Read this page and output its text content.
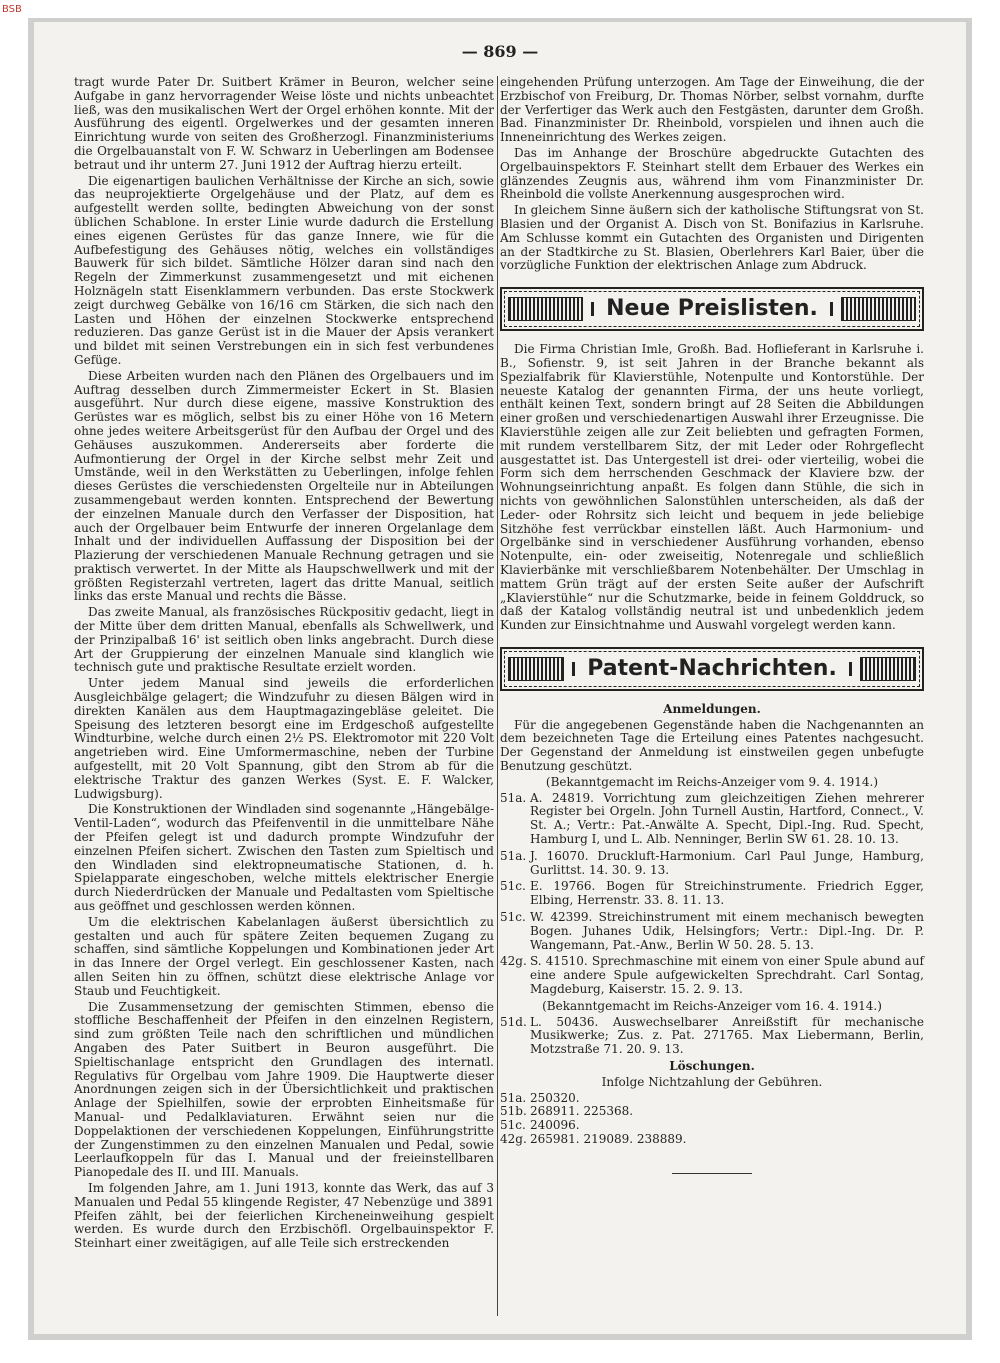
BSB
— 869 —

tragt wurde Pater Dr. Suitbert Krämer in Beuron, welcher seine Aufgabe in ganz hervorragender Weise löste und nichts unbeachtet ließ, was den musikalischen Wert der Orgel erhöhen konnte. Mit der Ausführung des eigentl. Orgelwerkes und der gesamten inneren Einrichtung wurde von seiten des Großherzogl. Finanzministeriums die Orgelbauanstalt von F. W. Schwarz in Ueberlingen am Bodensee betraut und ihr unterm 27. Juni 1912 der Auftrag hierzu erteilt.

Die eigenartigen baulichen Verhältnisse der Kirche an sich, sowie das neuprojektierte Orgelgehäuse und der Platz, auf dem es aufgestellt werden sollte, bedingten Abweichung von der sonst üblichen Schablone. In erster Linie wurde dadurch die Erstellung eines eigenen Gerüstes für das ganze Innere, wie für die Aufbefestigung des Gehäuses nötig, welches ein vollständiges Bauwerk für sich bildet. Sämtliche Hölzer daran sind nach den Regeln der Zimmerkunst zusammengesetzt und mit eichenen Holznägeln statt Eisenklammern verbunden. Das erste Stockwerk zeigt durchweg Gebälke von 16/16 cm Stärken, die sich nach den Lasten und Höhen der einzelnen Stockwerke entsprechend reduzieren. Das ganze Gerüst ist in die Mauer der Apsis verankert und bildet mit seinen Verstrebungen ein in sich fest verbundenes Gefüge.

Diese Arbeiten wurden nach den Plänen des Orgelbauers und im Auftrag desselben durch Zimmermeister Eckert in St. Blasien ausgeführt. Nur durch diese eigene, massive Konstruktion des Gerüstes war es möglich, selbst bis zu einer Höhe von 16 Metern ohne jedes weitere Arbeitsgerüst für den Aufbau der Orgel und des Gehäuses auszukommen. Andererseits aber forderte die Aufmontierung der Orgel in der Kirche selbst mehr Zeit und Umstände, weil in den Werkstätten zu Ueberlingen, infolge fehlen dieses Gerüstes die verschiedensten Orgelteile nur in Abteilungen zusammengebaut werden konnten. Entsprechend der Bewertung der einzelnen Manuale durch den Verfasser der Disposition, hat auch der Orgelbauer beim Entwurfe der inneren Orgelanlage dem Inhalt und der individuellen Auffassung der Disposition bei der Plazierung der verschiedenen Manuale Rechnung getragen und sie praktisch verwertet. In der Mitte als Haupschwellwerk und mit der größten Registerzahl vertreten, lagert das dritte Manual, seitlich links das erste Manual und rechts die Bässe.

Das zweite Manual, als französisches Rückpositiv gedacht, liegt in der Mitte über dem dritten Manual, ebenfalls als Schwellwerk, und der Prinzipalbaß 16' ist seitlich oben links angebracht. Durch diese Art der Gruppierung der einzelnen Manuale sind klanglich wie technisch gute und praktische Resultate erzielt worden.

Unter jedem Manual sind jeweils die erforderlichen Ausgleichbälge gelagert; die Windzufuhr zu diesen Bälgen wird in direkten Kanälen aus dem Hauptmagazingebläse geleitet. Die Speisung des letzteren besorgt eine im Erdgeschoß aufgestellte Windturbine, welche durch einen 2½ PS. Elektromotor mit 220 Volt angetrieben wird. Eine Umformermaschine, neben der Turbine aufgestellt, mit 20 Volt Spannung, gibt den Strom ab für die elektrische Traktur des ganzen Werkes (Syst. E. F. Walcker, Ludwigsburg).

Die Konstruktionen der Windladen sind sogenannte „Hängebälge-Ventil-Laden“, wodurch das Pfeifenventil in die unmittelbare Nähe der Pfeifen gelegt ist und dadurch prompte Windzufuhr der einzelnen Pfeifen sichert. Zwischen den Tasten zum Spieltisch und den Windladen sind elektropneumatische Stationen, d. h. Spielapparate eingeschoben, welche mittels elektrischer Energie durch Niederdrücken der Manuale und Pedaltasten vom Spieltische aus geöffnet und geschlossen werden können.

Um die elektrischen Kabelanlagen äußerst übersichtlich zu gestalten und auch für spätere Zeiten bequemen Zugang zu schaffen, sind sämtliche Koppelungen und Kombinationen jeder Art in das Innere der Orgel verlegt. Ein geschlossener Kasten, nach allen Seiten hin zu öffnen, schützt diese elektrische Anlage vor Staub und Feuchtigkeit.

Die Zusammensetzung der gemischten Stimmen, ebenso die stoffliche Beschaffenheit der Pfeifen in den einzelnen Registern, sind zum größten Teile nach den schriftlichen und mündlichen Angaben des Pater Suitbert in Beuron ausgeführt. Die Spieltischanlage entspricht den Grundlagen des internatl. Regulativs für Orgelbau vom Jahre 1909. Die Hauptwerte dieser Anordnungen zeigen sich in der Übersichtlichkeit und praktischen Anlage der Spielhilfen, sowie der erprobten Einheitsmaße für Manual- und Pedalklaviaturen. Erwähnt seien nur die Doppelaktionen der verschiedenen Koppelungen, Einführungstritte der Zungenstimmen zu den einzelnen Manualen und Pedal, sowie Leerlaufkoppeln für das I. Manual und der freieinstellbaren Pianopedale des II. und III. Manuals.

Im folgenden Jahre, am 1. Juni 1913, konnte das Werk, das auf 3 Manualen und Pedal 55 klingende Register, 47 Nebenzüge und 3891 Pfeifen zählt, bei der feierlichen Kircheneinweihung gespielt werden. Es wurde durch den Erzbischöfl. Orgelbauinspektor F. Steinhart einer zweitägigen, auf alle Teile sich erstreckenden

eingehenden Prüfung unterzogen. Am Tage der Einweihung, die der Erzbischof von Freiburg, Dr. Thomas Nörber, selbst vornahm, durfte der Verfertiger das Werk auch den Festgästen, darunter dem Großh. Bad. Finanzminister Dr. Rheinbold, vorspielen und ihnen auch die Inneneinrichtung des Werkes zeigen.

Das im Anhange der Broschüre abgedruckte Gutachten des Orgelbauinspektors F. Steinhart stellt dem Erbauer des Werkes ein glänzendes Zeugnis aus, während ihm vom Finanzminister Dr. Rheinbold die vollste Anerkennung ausgesprochen wird.

In gleichem Sinne äußern sich der katholische Stiftungsrat von St. Blasien und der Organist A. Disch von St. Bonifazius in Karlsruhe. Am Schlusse kommt ein Gutachten des Organisten und Dirigenten an der Stadtkirche zu St. Blasien, Oberlehrers Karl Baier, über die vorzügliche Funktion der elektrischen Anlage zum Abdruck.

Neue Preislisten.

Die Firma Christian Imle, Großh. Bad. Hoflieferant in Karlsruhe i. B., Sofienstr. 9, ist seit Jahren in der Branche bekannt als Spezialfabrik für Klavierstühle, Notenpulte und Kontorstühle. Der neueste Katalog der genannten Firma, der uns heute vorliegt, enthält keinen Text, sondern bringt auf 28 Seiten die Abbildungen einer großen und verschiedenartigen Auswahl ihrer Erzeugnisse. Die Klavierstühle zeigen alle zur Zeit beliebten und gefragten Formen, mit rundem verstellbarem Sitz, der mit Leder oder Rohrgeflecht ausgestattet ist. Das Untergestell ist drei- oder vierteilig, wobei die Form sich dem herrschenden Geschmack der Klaviere bzw. der Wohnungseinrichtung anpaßt. Es folgen dann Stühle, die sich in nichts von gewöhnlichen Salonstühlen unterscheiden, als daß der Leder- oder Rohrsitz sich leicht und bequem in jede beliebige Sitzhöhe fest verrückbar einstellen läßt. Auch Harmonium- und Orgelbänke sind in verschiedener Ausführung vorhanden, ebenso Notenpulte, ein- oder zweiseitig, Notenregale und schließlich Klavierbänke mit verschließbarem Notenbehälter. Der Umschlag in mattem Grün trägt auf der ersten Seite außer der Aufschrift „Klavierstühle“ nur die Schutzmarke, beide in feinem Golddruck, so daß der Katalog vollständig neutral ist und unbedenklich jedem Kunden zur Einsichtnahme und Auswahl vorgelegt werden kann.

Patent-Nachrichten.

Anmeldungen.

Für die angegebenen Gegenstände haben die Nachgenannten an dem bezeichneten Tage die Erteilung eines Patentes nachgesucht. Der Gegenstand der Anmeldung ist einstweilen gegen unbefugte Benutzung geschützt.

(Bekanntgemacht im Reichs-Anzeiger vom 9. 4. 1914.)

51a. A. 24819. Vorrichtung zum gleichzeitigen Ziehen mehrerer Register bei Orgeln. John Turnell Austin, Hartford, Connect., V. St. A.; Vertr.: Pat.-Anwälte A. Specht, Dipl.-Ing. Rud. Specht, Hamburg I, und L. Alb. Nenninger, Berlin SW 61. 28. 10. 13.
51a. J. 16070. Druckluft-Harmonium. Carl Paul Junge, Hamburg, Gurlittst. 14. 30. 9. 13.
51c. E. 19766. Bogen für Streichinstrumente. Friedrich Egger, Elbing, Herrenstr. 33. 8. 11. 13.
51c. W. 42399. Streichinstrument mit einem mechanisch bewegten Bogen. Juhanes Udik, Helsingfors; Vertr.: Dipl.-Ing. Dr. P. Wangemann, Pat.-Anw., Berlin W 50. 28. 5. 13.
42g. S. 41510. Sprechmaschine mit einem von einer Spule abund auf eine andere Spule aufgewickelten Sprechdraht. Carl Sontag, Magdeburg, Kaiserstr. 15. 2. 9. 13.

(Bekanntgemacht im Reichs-Anzeiger vom 16. 4. 1914.)

51d. L. 50436. Auswechselbarer Anreißstift für mechanische Musikwerke; Zus. z. Pat. 271765. Max Liebermann, Berlin, Motzstraße 71. 20. 9. 13.

Löschungen.

Infolge Nichtzahlung der Gebühren.

51a. 250320.
51b. 268911. 225368.
51c. 240096.
42g. 265981. 219089. 238889.
